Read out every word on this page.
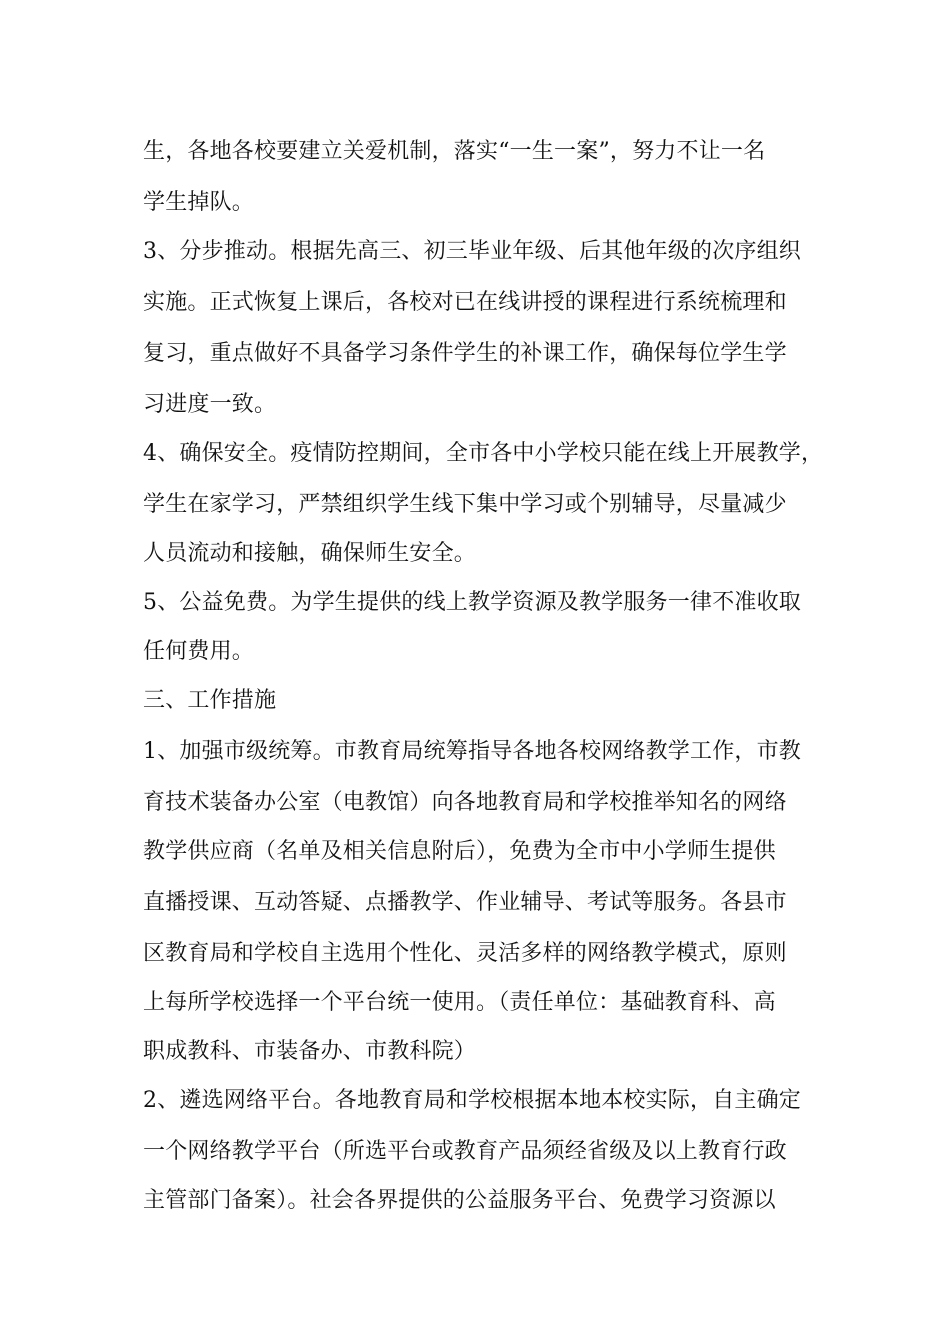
生，各地各校要建立关爱机制，落实“一生一案”，努力不让一名
学生掉队。
3、分步推动。根据先高三、初三毕业年级、后其他年级的次序组织
实施。正式恢复上课后，各校对已在线讲授的课程进行系统梳理和
复习，重点做好不具备学习条件学生的补课工作，确保每位学生学
习进度一致。
4、确保安全。疫情防控期间，全市各中小学校只能在线上开展教学，
学生在家学习，严禁组织学生线下集中学习或个别辅导，尽量减少
人员流动和接触，确保师生安全。
5、公益免费。为学生提供的线上教学资源及教学服务一律不准收取
任何费用。
三、工作措施
1、加强市级统筹。市教育局统筹指导各地各校网络教学工作，市教
育技术装备办公室（电教馆）向各地教育局和学校推举知名的网络
教学供应商（名单及相关信息附后），免费为全市中小学师生提供
直播授课、互动答疑、点播教学、作业辅导、考试等服务。各县市
区教育局和学校自主选用个性化、灵活多样的网络教学模式，原则
上每所学校选择一个平台统一使用。（责任单位：基础教育科、高
职成教科、市装备办、市教科院）
2、遴选网络平台。各地教育局和学校根据本地本校实际，自主确定
一个网络教学平台（所选平台或教育产品须经省级及以上教育行政
主管部门备案）。社会各界提供的公益服务平台、免费学习资源以
